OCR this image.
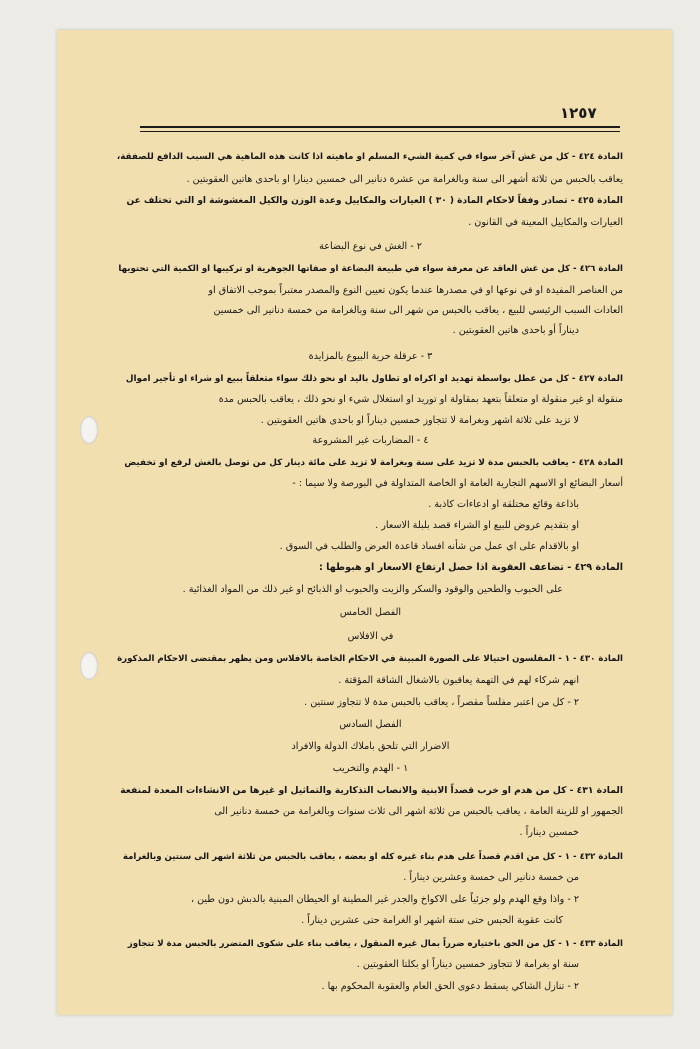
١٢٥٧
المادة ٤٢٤ - كل من غش آخر سواء في كمية الشيء المسلم او ماهيته اذا كانت هذه الماهية هي السبب الدافع للصفقة،
يعاقب بالحبس من ثلاثة أشهر الى سنة وبالغرامة من عشرة دنانير الى خمسين دينارا او باحدى هاتين العقوبتين .
المادة ٤٢٥ - تصادر وفقاً لاحكام المادة ( ٣٠ ) العيارات والمكاييل وعدة الوزن والكيل المغشوشة او التي تختلف عن
العيارات والمكاييل المعينة في القانون .
٢ - الغش في نوع البضاعة
المادة ٤٢٦ - كل من غش العاقد عن معرفة سواء في طبيعة البضاعة او صفاتها الجوهرية او تركيبها او الكمية التي تحتويها
من العناصر المفيدة او في نوعها او في مصدرها عندما يكون تعيين النوع والمصدر معتبراً بموجب الاتفاق او
العادات السبب الرئيسي للبيع ، يعاقب بالحبس من شهر الى سنة وبالغرامة من خمسة دنانير الى خمسين
ديناراً أو باحدى هاتين العقوبتين .
٣ - عرقلة حرية البيوع بالمزايدة
المادة ٤٢٧ - كل من عطل بواسطة تهديد او اكراه او تطاول باليد او نحو ذلك سواء متعلقاً ببيع او شراء او تأجير اموال
منقولة او غير منقولة او متعلقاً بتعهد بمقاولة او توريد او استغلال شيء او نحو ذلك ، يعاقب بالحبس مدة
لا تزيد على ثلاثة اشهر وبغرامة لا تتجاوز خمسين ديناراً او باحدى هاتين العقوبتين .
٤ - المضاربات غير المشروعة
المادة ٤٢٨ - يعاقب بالحبس مدة لا تزيد على سنة وبغرامة لا تزيد على مائة دينار كل من توصل بالغش لرفع او تخفيض
أسعار البضائع او الاسهم التجارية العامة او الخاصة المتداولة في البورصة ولا سيما : -
باذاعة وقائع مختلقة او ادعاءات كاذبة .
او بتقديم عروض للبيع او الشراء قصد بلبلة الاسعار .
او بالاقدام على اي عمل من شأنه افساد قاعدة العرض والطلب في السوق .
المادة ٤٢٩ - تضاعف العقوبة اذا حصل ارتفاع الاسعار او هبوطها :
على الحبوب والطحين والوقود والسكر والزيت والحبوب او الذبائح او غير ذلك من المواد الغذائية .
الفصل الخامس
في الافلاس
المادة ٤٣٠ - ١ - المفلسون احتيالا على الصورة المبينة في الاحكام الخاصة بالافلاس ومن يظهر بمقتضى الاحكام المذكورة
انهم شركاء لهم في التهمة يعاقبون بالاشغال الشاقة المؤقتة .
٢ - كل من اعتبر مفلساً مقصراً ، يعاقب بالحبس مدة لا تتجاوز سنتين .
الفصل السادس
الاضرار التي تلحق باملاك الدولة والافراد
١ - الهدم والتخريب
المادة ٤٣١ - كل من هدم او خرب قصداً الابنية والانصاب التذكارية والتماثيل او غيرها من الانشاءات المعدة لمنفعة
الجمهور او للزينة العامة ، يعاقب بالحبس من ثلاثة اشهر الى ثلاث سنوات وبالغرامة من خمسة دنانير الى
خمسين ديناراً .
المادة ٤٣٢ - ١ - كل من اقدم قصداً على هدم بناء غيره كله او بعضه ، يعاقب بالحبس من ثلاثة اشهر الى سنتين وبالغرامة
من خمسة دنانير الى خمسة وعشرين ديناراً .
٢ - واذا وقع الهدم ولو جزئياً على الاكواخ والجدر غير المطينة او الحيطان المبنية بالدبش دون طين ،
كانت عقوبة الحبس حتى ستة اشهر او الغرامة حتى عشرين ديناراً .
المادة ٤٣٣ - ١ - كل من الحق باختياره ضرراً بمال غيره المنقول ، يعاقب بناء على شكوى المتضرر بالحبس مدة لا تتجاوز
سنة او بغرامة لا تتجاوز خمسين ديناراً او بكلتا العقوبتين .
٢ - تنازل الشاكي يسقط دعوى الحق العام والعقوبة المحكوم بها .
